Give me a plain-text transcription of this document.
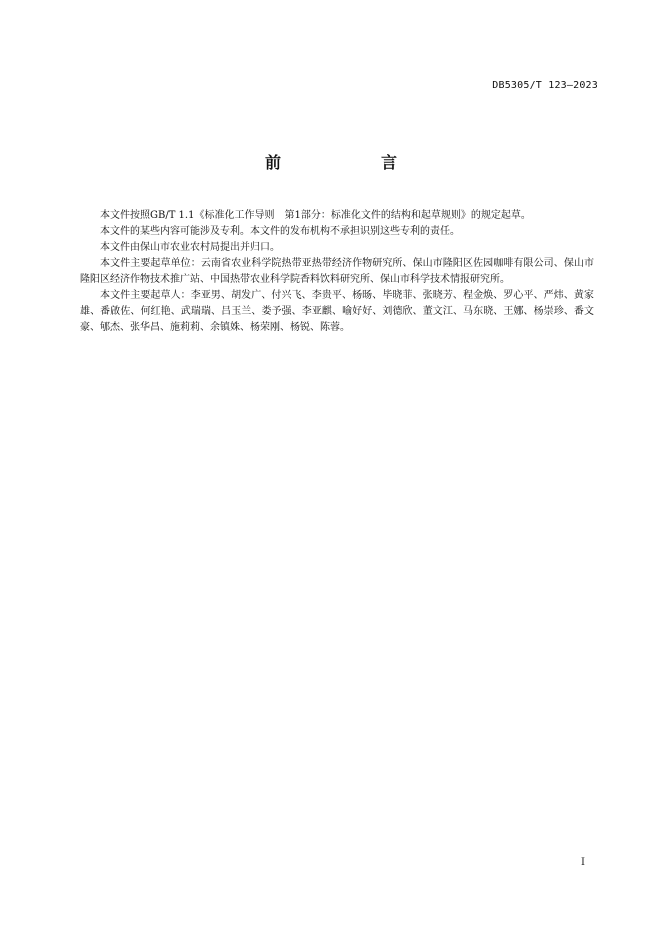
DB5305/T 123—2023
前　言

本文件按照GB/T 1.1《标准化工作导则　第1部分：标准化文件的结构和起草规则》的规定起草。

本文件的某些内容可能涉及专利。本文件的发布机构不承担识别这些专利的责任。

本文件由保山市农业农村局提出并归口。

本文件主要起草单位：云南省农业科学院热带亚热带经济作物研究所、保山市隆阳区佐园咖啡有限公司、保山市隆阳区经济作物技术推广站、中国热带农业科学院香料饮料研究所、保山市科学技术情报研究所。

本文件主要起草人：李亚男、胡发广、付兴飞、李贵平、杨旸、毕晓菲、张晓芳、程金焕、罗心平、严炜、黄家雄、番啟佐、何红艳、武瑞瑞、吕玉兰、娄予强、李亚麒、喻好好、刘德欣、董文江、马东晓、王娜、杨崇珍、番文豪、郇杰、张华昌、施莉莉、余镇姝、杨荣刚、杨锐、陈蓉。

I
